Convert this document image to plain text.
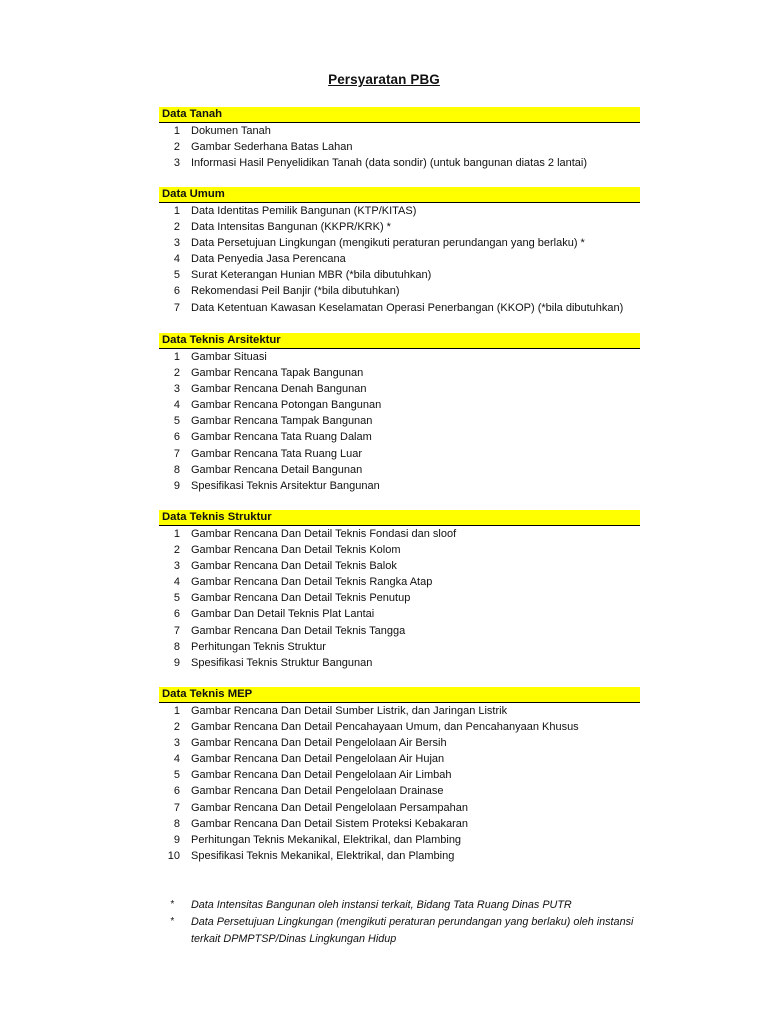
Persyaratan PBG
Data Tanah
1 Dokumen Tanah
2 Gambar Sederhana Batas Lahan
3 Informasi Hasil Penyelidikan Tanah (data sondir) (untuk bangunan diatas 2 lantai)
Data Umum
1 Data Identitas Pemilik Bangunan (KTP/KITAS)
2 Data Intensitas Bangunan (KKPR/KRK) *
3 Data Persetujuan Lingkungan (mengikuti peraturan perundangan yang berlaku) *
4 Data Penyedia Jasa Perencana
5 Surat Keterangan Hunian MBR (*bila dibutuhkan)
6 Rekomendasi Peil Banjir (*bila dibutuhkan)
7 Data Ketentuan Kawasan Keselamatan Operasi Penerbangan (KKOP) (*bila dibutuhkan)
Data Teknis Arsitektur
1 Gambar Situasi
2 Gambar Rencana Tapak Bangunan
3 Gambar Rencana Denah Bangunan
4 Gambar Rencana Potongan Bangunan
5 Gambar Rencana Tampak Bangunan
6 Gambar Rencana Tata Ruang Dalam
7 Gambar Rencana Tata Ruang Luar
8 Gambar Rencana Detail Bangunan
9 Spesifikasi Teknis Arsitektur Bangunan
Data Teknis Struktur
1 Gambar Rencana Dan Detail Teknis Fondasi dan sloof
2 Gambar Rencana Dan Detail Teknis Kolom
3 Gambar Rencana Dan Detail Teknis Balok
4 Gambar Rencana Dan Detail Teknis Rangka Atap
5 Gambar Rencana Dan Detail Teknis Penutup
6 Gambar Dan Detail Teknis Plat Lantai
7 Gambar Rencana Dan Detail Teknis Tangga
8 Perhitungan Teknis Struktur
9 Spesifikasi Teknis Struktur Bangunan
Data Teknis MEP
1 Gambar Rencana Dan Detail Sumber Listrik, dan Jaringan Listrik
2 Gambar Rencana Dan Detail Pencahayaan Umum, dan Pencahanyaan Khusus
3 Gambar Rencana Dan Detail Pengelolaan Air Bersih
4 Gambar Rencana Dan Detail Pengelolaan Air Hujan
5 Gambar Rencana Dan Detail Pengelolaan Air Limbah
6 Gambar Rencana Dan Detail Pengelolaan Drainase
7 Gambar Rencana Dan Detail Pengelolaan Persampahan
8 Gambar Rencana Dan Detail Sistem Proteksi Kebakaran
9 Perhitungan Teknis Mekanikal, Elektrikal, dan Plambing
10 Spesifikasi Teknis Mekanikal, Elektrikal, dan Plambing
* Data Intensitas Bangunan oleh instansi terkait, Bidang Tata Ruang Dinas PUTR
* Data Persetujuan Lingkungan (mengikuti peraturan perundangan yang berlaku) oleh instansi terkait DPMPTSP/Dinas Lingkungan Hidup
